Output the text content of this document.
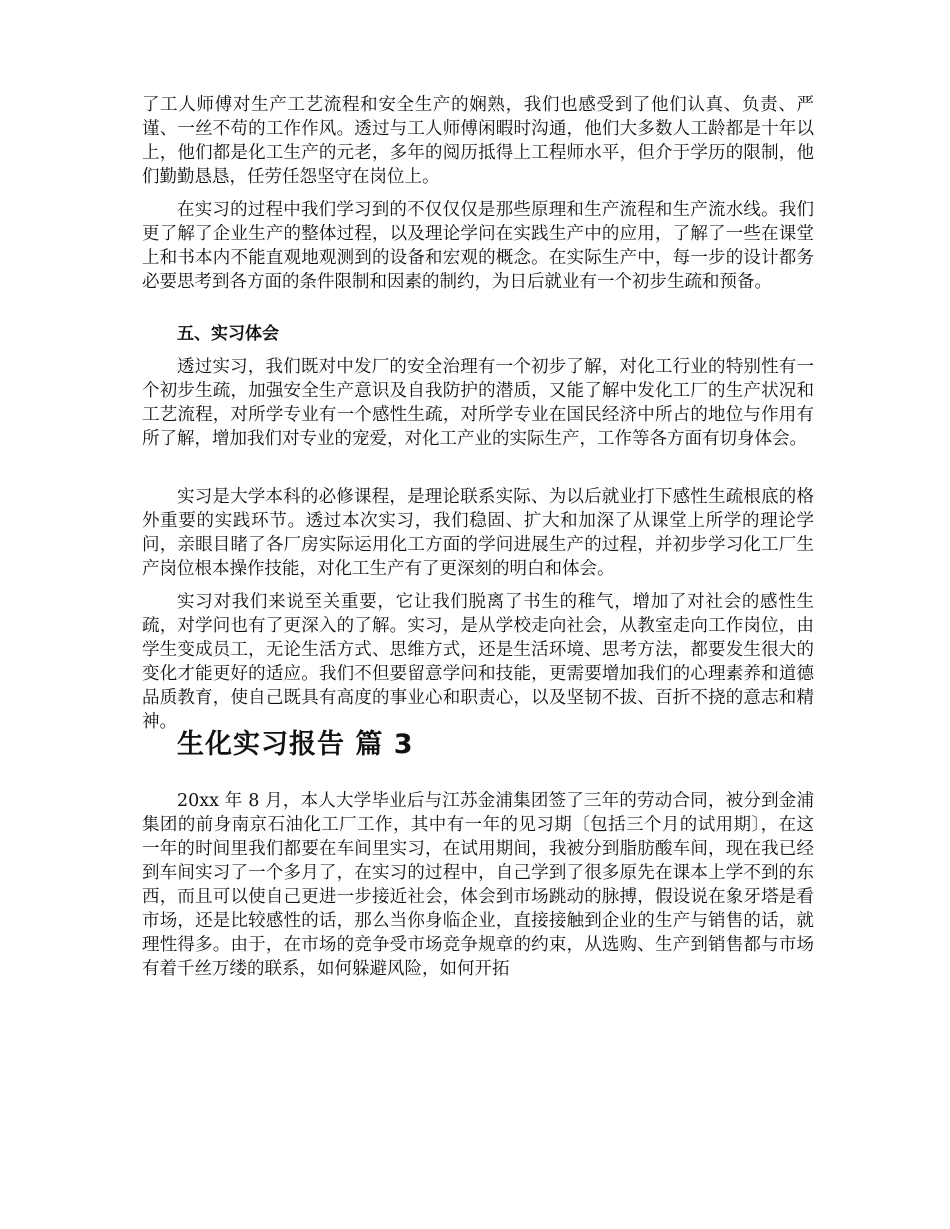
了工人师傅对生产工艺流程和安全生产的娴熟，我们也感受到了他们认真、负责、严谨、一丝不苟的工作作风。透过与工人师傅闲暇时沟通，他们大多数人工龄都是十年以上，他们都是化工生产的元老，多年的阅历抵得上工程师水平，但介于学历的限制，他们勤勤恳恳，任劳任怨坚守在岗位上。

在实习的过程中我们学习到的不仅仅仅是那些原理和生产流程和生产流水线。我们更了解了企业生产的整体过程，以及理论学问在实践生产中的应用，了解了一些在课堂上和书本内不能直观地观测到的设备和宏观的概念。在实际生产中，每一步的设计都务必要思考到各方面的条件限制和因素的制约，为日后就业有一个初步生疏和预备。

五、实习体会

透过实习，我们既对中发厂的安全治理有一个初步了解，对化工行业的特别性有一个初步生疏，加强安全生产意识及自我防护的潜质，又能了解中发化工厂的生产状况和工艺流程，对所学专业有一个感性生疏，对所学专业在国民经济中所占的地位与作用有所了解，增加我们对专业的宠爱，对化工产业的实际生产，工作等各方面有切身体会。

实习是大学本科的必修课程，是理论联系实际、为以后就业打下感性生疏根底的格外重要的实践环节。透过本次实习，我们稳固、扩大和加深了从课堂上所学的理论学问，亲眼目睹了各厂房实际运用化工方面的学问进展生产的过程，并初步学习化工厂生产岗位根本操作技能，对化工生产有了更深刻的明白和体会。

实习对我们来说至关重要，它让我们脱离了书生的稚气，增加了对社会的感性生疏，对学问也有了更深入的了解。实习，是从学校走向社会，从教室走向工作岗位，由学生变成员工，无论生活方式、思维方式，还是生活环境、思考方法，都要发生很大的变化才能更好的适应。我们不但要留意学问和技能，更需要增加我们的心理素养和道德品质教育，使自己既具有高度的事业心和职责心，以及坚韧不拔、百折不挠的意志和精神。

生化实习报告 篇 3

20xx 年 8 月，本人大学毕业后与江苏金浦集团签了三年的劳动合同，被分到金浦集团的前身南京石油化工厂工作，其中有一年的见习期〔包括三个月的试用期〕，在这一年的时间里我们都要在车间里实习，在试用期间，我被分到脂肪酸车间，现在我已经到车间实习了一个多月了，在实习的过程中，自己学到了很多原先在课本上学不到的东西，而且可以使自己更进一步接近社会，体会到市场跳动的脉搏，假设说在象牙塔是看市场，还是比较感性的话，那么当你身临企业，直接接触到企业的生产与销售的话，就理性得多。由于，在市场的竞争受市场竞争规章的约束，从选购、生产到销售都与市场有着千丝万缕的联系，如何躲避风险，如何开拓
